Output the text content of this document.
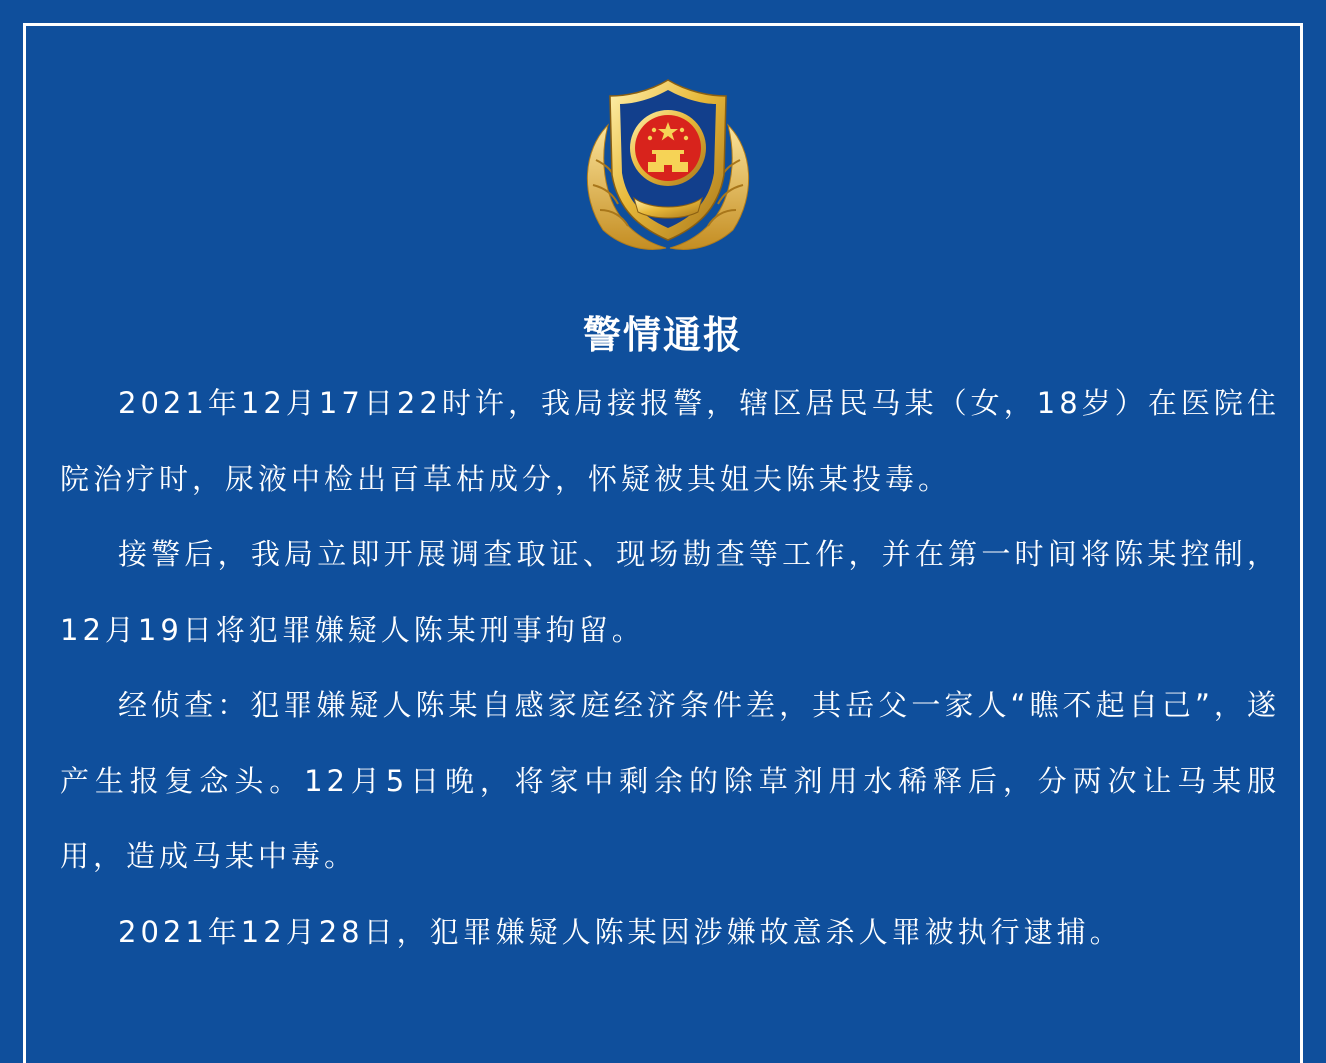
警情通报

2021年12月17日22时许，我局接报警，辖区居民马某（女，18岁）在医院住院治疗时，尿液中检出百草枯成分，怀疑被其姐夫陈某投毒。

接警后，我局立即开展调查取证、现场勘查等工作，并在第一时间将陈某控制，12月19日将犯罪嫌疑人陈某刑事拘留。

经侦查：犯罪嫌疑人陈某自感家庭经济条件差，其岳父一家人“瞧不起自己”，遂产生报复念头。12月5日晚，将家中剩余的除草剂用水稀释后，分两次让马某服用，造成马某中毒。

2021年12月28日，犯罪嫌疑人陈某因涉嫌故意杀人罪被执行逮捕。
